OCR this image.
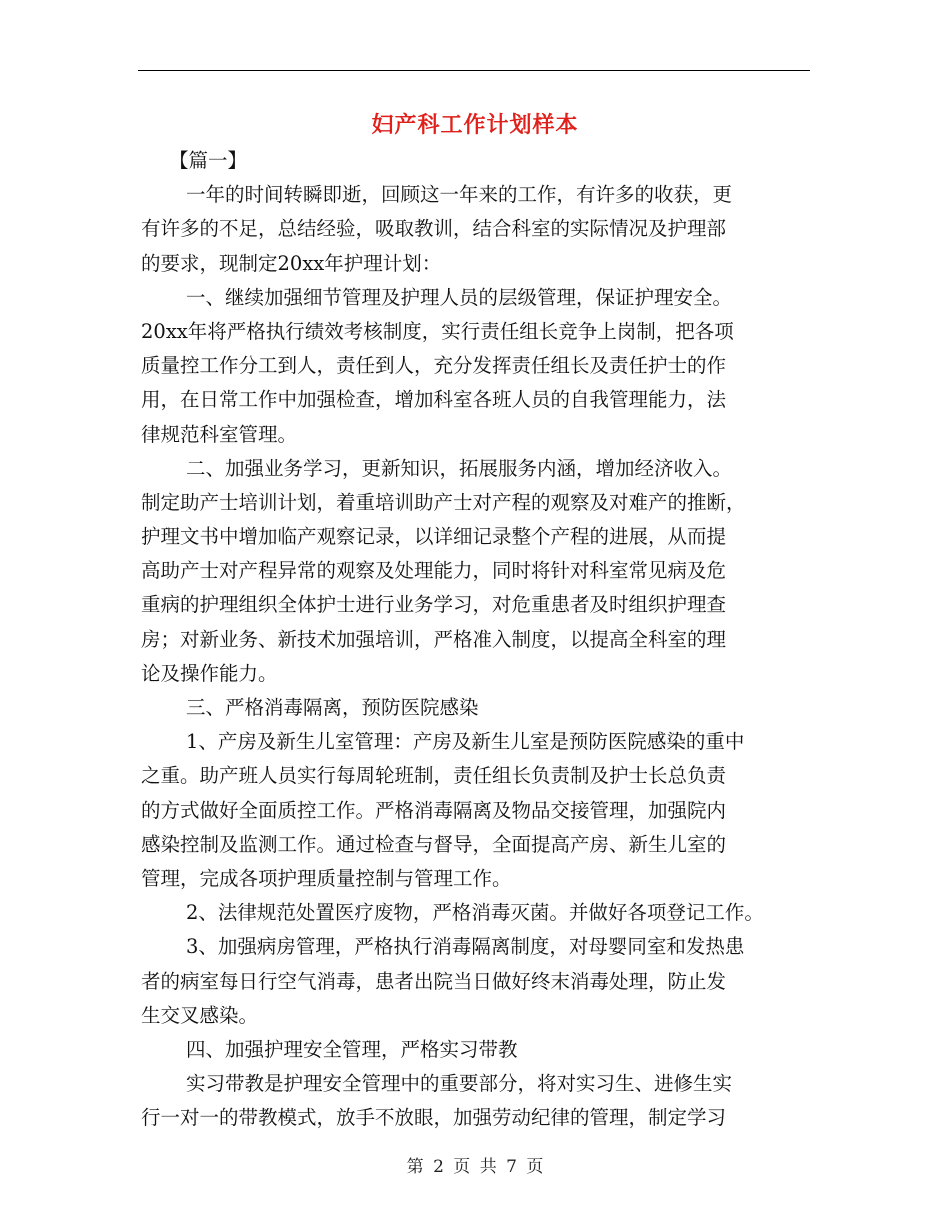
妇产科工作计划样本
【篇一】
一年的时间转瞬即逝，回顾这一年来的工作，有许多的收获，更
有许多的不足，总结经验，吸取教训，结合科室的实际情况及护理部
的要求，现制定20xx年护理计划：
一、继续加强细节管理及护理人员的层级管理，保证护理安全。
20xx年将严格执行绩效考核制度，实行责任组长竞争上岗制，把各项
质量控工作分工到人，责任到人，充分发挥责任组长及责任护士的作
用，在日常工作中加强检查，增加科室各班人员的自我管理能力，法
律规范科室管理。
二、加强业务学习，更新知识，拓展服务内涵，增加经济收入。
制定助产士培训计划，着重培训助产士对产程的观察及对难产的推断，
护理文书中增加临产观察记录，以详细记录整个产程的进展，从而提
高助产士对产程异常的观察及处理能力，同时将针对科室常见病及危
重病的护理组织全体护士进行业务学习，对危重患者及时组织护理查
房；对新业务、新技术加强培训，严格准入制度，以提高全科室的理
论及操作能力。
三、严格消毒隔离，预防医院感染
1、产房及新生儿室管理：产房及新生儿室是预防医院感染的重中
之重。助产班人员实行每周轮班制，责任组长负责制及护士长总负责
的方式做好全面质控工作。严格消毒隔离及物品交接管理，加强院内
感染控制及监测工作。通过检查与督导，全面提高产房、新生儿室的
管理，完成各项护理质量控制与管理工作。
2、法律规范处置医疗废物，严格消毒灭菌。并做好各项登记工作。
3、加强病房管理，严格执行消毒隔离制度，对母婴同室和发热患
者的病室每日行空气消毒，患者出院当日做好终末消毒处理，防止发
生交叉感染。
四、加强护理安全管理，严格实习带教
实习带教是护理安全管理中的重要部分，将对实习生、进修生实
行一对一的带教模式，放手不放眼，加强劳动纪律的管理，制定学习
第 2 页 共 7 页
